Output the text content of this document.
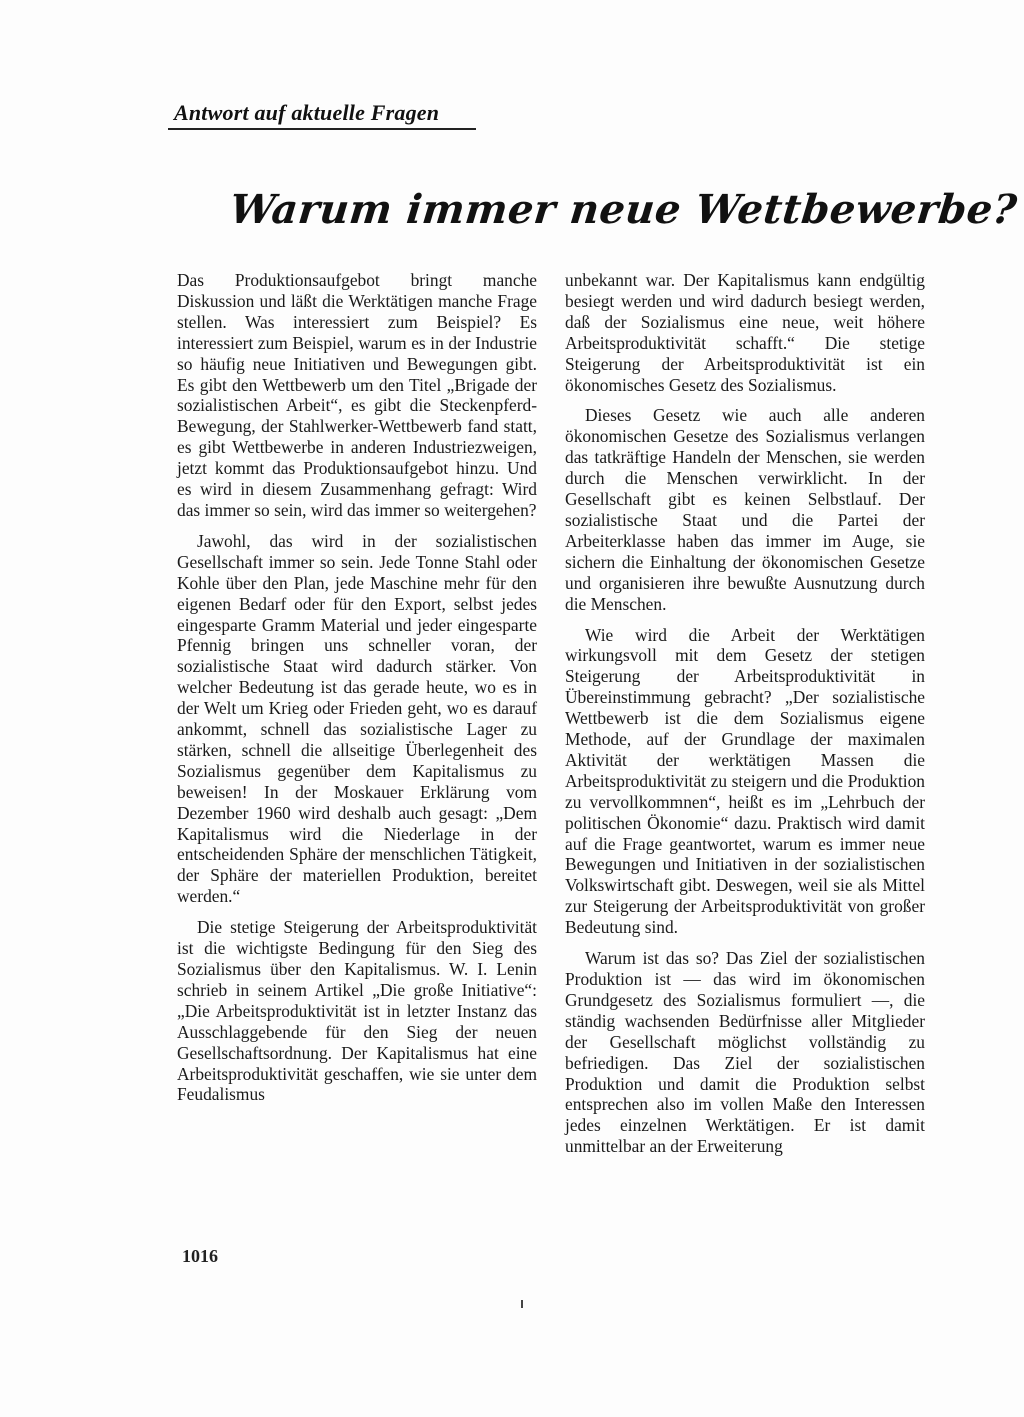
Antwort auf aktuelle Fragen
Warum immer neue Wettbewerbe?

Das Produktionsaufgebot bringt manche Diskussion und läßt die Werktätigen manche Frage stellen. Was interessiert zum Beispiel? Es interessiert zum Beispiel, warum es in der Industrie so häufig neue Initiativen und Bewegungen gibt. Es gibt den Wettbewerb um den Titel „Brigade der sozialistischen Arbeit“, es gibt die Steckenpferd-Bewegung, der Stahlwerker-Wettbewerb fand statt, es gibt Wettbewerbe in anderen Industriezweigen, jetzt kommt das Produktionsaufgebot hinzu. Und es wird in diesem Zusammenhang gefragt: Wird das immer so sein, wird das immer so weitergehen?

Jawohl, das wird in der sozialistischen Gesellschaft immer so sein. Jede Tonne Stahl oder Kohle über den Plan, jede Maschine mehr für den eigenen Bedarf oder für den Export, selbst jedes eingesparte Gramm Material und jeder eingesparte Pfennig bringen uns schneller voran, der sozialistische Staat wird dadurch stärker. Von welcher Bedeutung ist das gerade heute, wo es in der Welt um Krieg oder Frieden geht, wo es darauf ankommt, schnell das sozialistische Lager zu stärken, schnell die allseitige Überlegenheit des Sozialismus gegenüber dem Kapitalismus zu beweisen! In der Moskauer Erklärung vom Dezember 1960 wird deshalb auch gesagt: „Dem Kapitalismus wird die Niederlage in der entscheidenden Sphäre der menschlichen Tätigkeit, der Sphäre der materiellen Produktion, bereitet werden.“

Die stetige Steigerung der Arbeitsproduktivität ist die wichtigste Bedingung für den Sieg des Sozialismus über den Kapitalismus. W. I. Lenin schrieb in seinem Artikel „Die große Initiative“: „Die Arbeitsproduktivität ist in letzter Instanz das Ausschlaggebende für den Sieg der neuen Gesellschaftsordnung. Der Kapitalismus hat eine Arbeitsproduktivität geschaffen, wie sie unter dem Feudalismus

unbekannt war. Der Kapitalismus kann endgültig besiegt werden und wird dadurch besiegt werden, daß der Sozialismus eine neue, weit höhere Arbeitsproduktivität schafft.“ Die stetige Steigerung der Arbeitsproduktivität ist ein ökonomisches Gesetz des Sozialismus.

Dieses Gesetz wie auch alle anderen ökonomischen Gesetze des Sozialismus verlangen das tatkräftige Handeln der Menschen, sie werden durch die Menschen verwirklicht. In der Gesellschaft gibt es keinen Selbstlauf. Der sozialistische Staat und die Partei der Arbeiterklasse haben das immer im Auge, sie sichern die Einhaltung der ökonomischen Gesetze und organisieren ihre bewußte Ausnutzung durch die Menschen.

Wie wird die Arbeit der Werktätigen wirkungsvoll mit dem Gesetz der stetigen Steigerung der Arbeitsproduktivität in Übereinstimmung gebracht? „Der sozialistische Wettbewerb ist die dem Sozialismus eigene Methode, auf der Grundlage der maximalen Aktivität der werktätigen Massen die Arbeitsproduktivität zu steigern und die Produktion zu vervollkommnen“, heißt es im „Lehrbuch der politischen Ökonomie“ dazu. Praktisch wird damit auf die Frage geantwortet, warum es immer neue Bewegungen und Initiativen in der sozialistischen Volkswirtschaft gibt. Deswegen, weil sie als Mittel zur Steigerung der Arbeitsproduktivität von großer Bedeutung sind.

Warum ist das so? Das Ziel der sozialistischen Produktion ist — das wird im ökonomischen Grundgesetz des Sozialismus formuliert —, die ständig wachsenden Bedürfnisse aller Mitglieder der Gesellschaft möglichst vollständig zu befriedigen. Das Ziel der sozialistischen Produktion und damit die Produktion selbst entsprechen also im vollen Maße den Interessen jedes einzelnen Werktätigen. Er ist damit unmittelbar an der Erweiterung

1016
